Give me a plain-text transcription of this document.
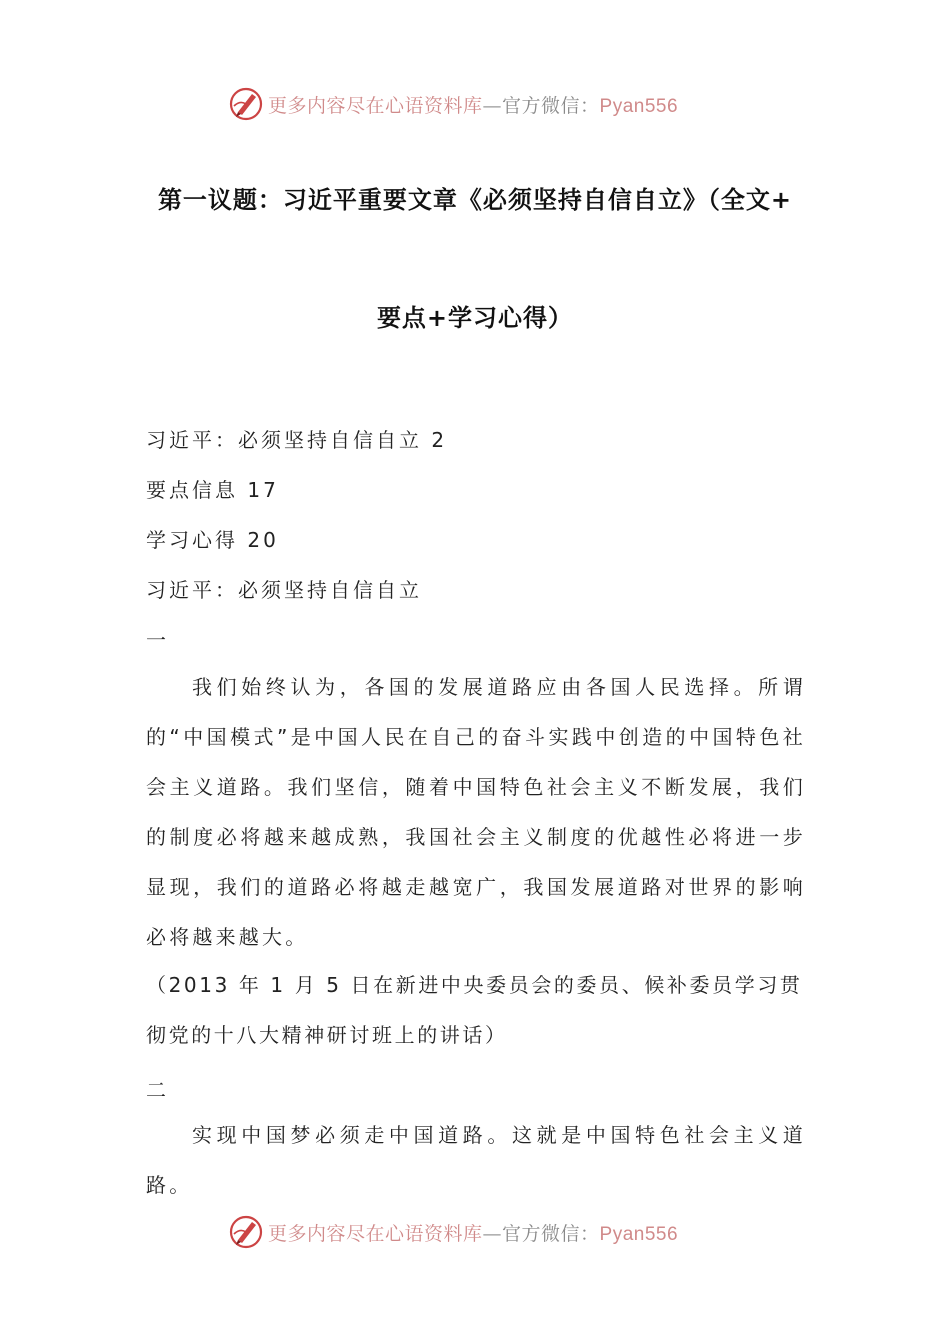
更多内容尽在心语资料库—官方微信：Pyan556
第一议题：习近平重要文章《必须坚持自信自立》（全文+
要点+学习心得）
习近平：必须坚持自信自立 2
要点信息 17
学习心得 20
习近平：必须坚持自信自立
一
我们始终认为，各国的发展道路应由各国人民选择。所谓的“中国模式”是中国人民在自己的奋斗实践中创造的中国特色社会主义道路。我们坚信，随着中国特色社会主义不断发展，我们的制度必将越来越成熟，我国社会主义制度的优越性必将进一步显现，我们的道路必将越走越宽广，我国发展道路对世界的影响必将越来越大。
（2013 年 1 月 5 日在新进中央委员会的委员、候补委员学习贯彻党的十八大精神研讨班上的讲话）
二
实现中国梦必须走中国道路。这就是中国特色社会主义道路。
更多内容尽在心语资料库—官方微信：Pyan556
